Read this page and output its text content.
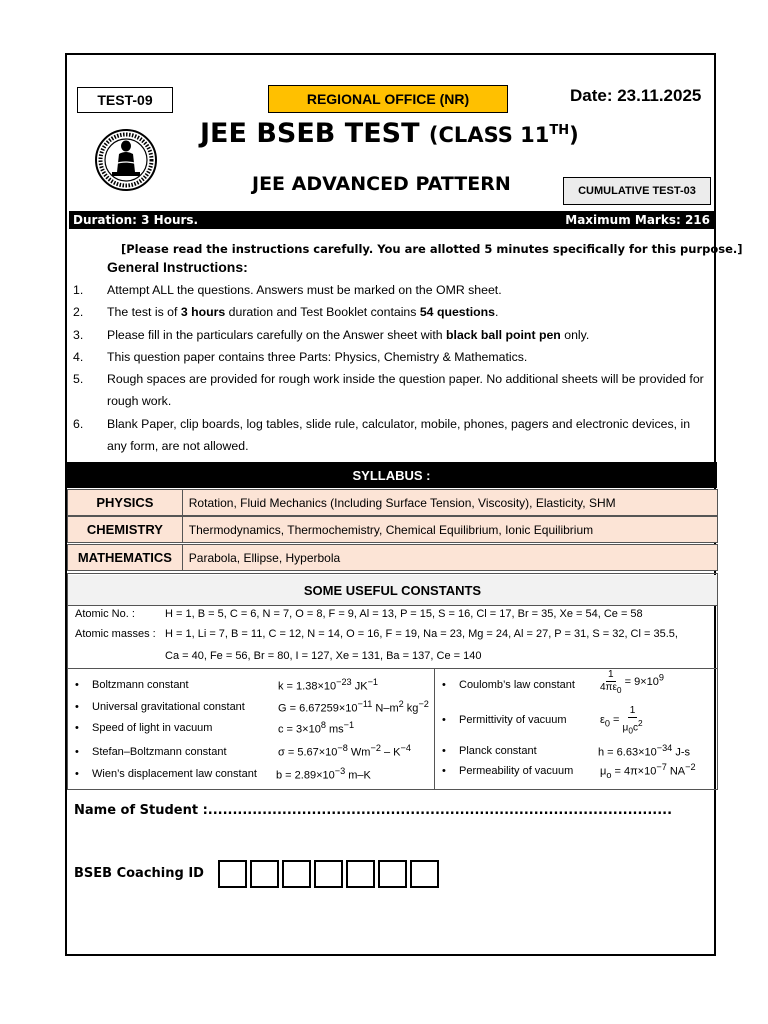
TEST-09	REGIONAL OFFICE (NR)	Date: 23.11.2025
JEE BSEB TEST (CLASS 11TH)
JEE ADVANCED PATTERN	CUMULATIVE TEST-03
Duration: 3 Hours.	Maximum Marks: 216
[Please read the instructions carefully. You are allotted 5 minutes specifically for this purpose.]
General Instructions:
1. Attempt ALL the questions. Answers must be marked on the OMR sheet.
2. The test is of 3 hours duration and Test Booklet contains 54 questions.
3. Please fill in the particulars carefully on the Answer sheet with black ball point pen only.
4. This question paper contains three Parts: Physics, Chemistry & Mathematics.
5. Rough spaces are provided for rough work inside the question paper. No additional sheets will be provided for rough work.
6. Blank Paper, clip boards, log tables, slide rule, calculator, mobile, phones, pagers and electronic devices, in any form, are not allowed.
SYLLABUS :
PHYSICS	Rotation, Fluid Mechanics (Including Surface Tension, Viscosity), Elasticity, SHM
CHEMISTRY	Thermodynamics, Thermochemistry, Chemical Equilibrium, Ionic Equilibrium
MATHEMATICS	Parabola, Ellipse, Hyperbola
SOME USEFUL CONSTANTS
Atomic No. :	H = 1, B = 5, C = 6, N = 7, O = 8, F = 9, Al = 13, P = 15, S = 16, Cl = 17, Br = 35, Xe = 54, Ce = 58
Atomic masses : H = 1, Li = 7, B = 11, C = 12, N = 14, O = 16, F = 19, Na = 23, Mg = 24, Al = 27, P = 31, S = 32, Cl = 35.5,
Ca = 40, Fe = 56, Br = 80, I = 127, Xe = 131, Ba = 137, Ce = 140
• Boltzmann constant	$k = 1.38\times 10^{-23}$ $JK^{-1}$
• Universal gravitational constant	$G = 6.67259\times 10^{-11}$ $N-m^2$ $kg^{-2}$
• Speed of light in vacuum	$c = 3\times 10^8$ $ms^{-1}$
• Stefan–Boltzmann constant	$\sigma = 5.67\times 10^{-8}$ $Wm^{-2} - K^{-4}$
• Wien’s displacement law constant $b = 2.89\times 10^{-3}$ m–K
• Coulomb’s law constant	$\frac{1}{4\pi\varepsilon_0} = 9\times 10^9$
• Permittivity of vacuum	$\varepsilon_0 = \frac{1}{\mu_0c^2}$
• Planck constant	$h = 6.63\times 10^{-34}$ J-s
• Permeability of vacuum $\mu_o = 4\pi\times 10^{-7}$ $NA^{-2}$
Name of Student :..............................................................................................
BSEB Coaching ID
